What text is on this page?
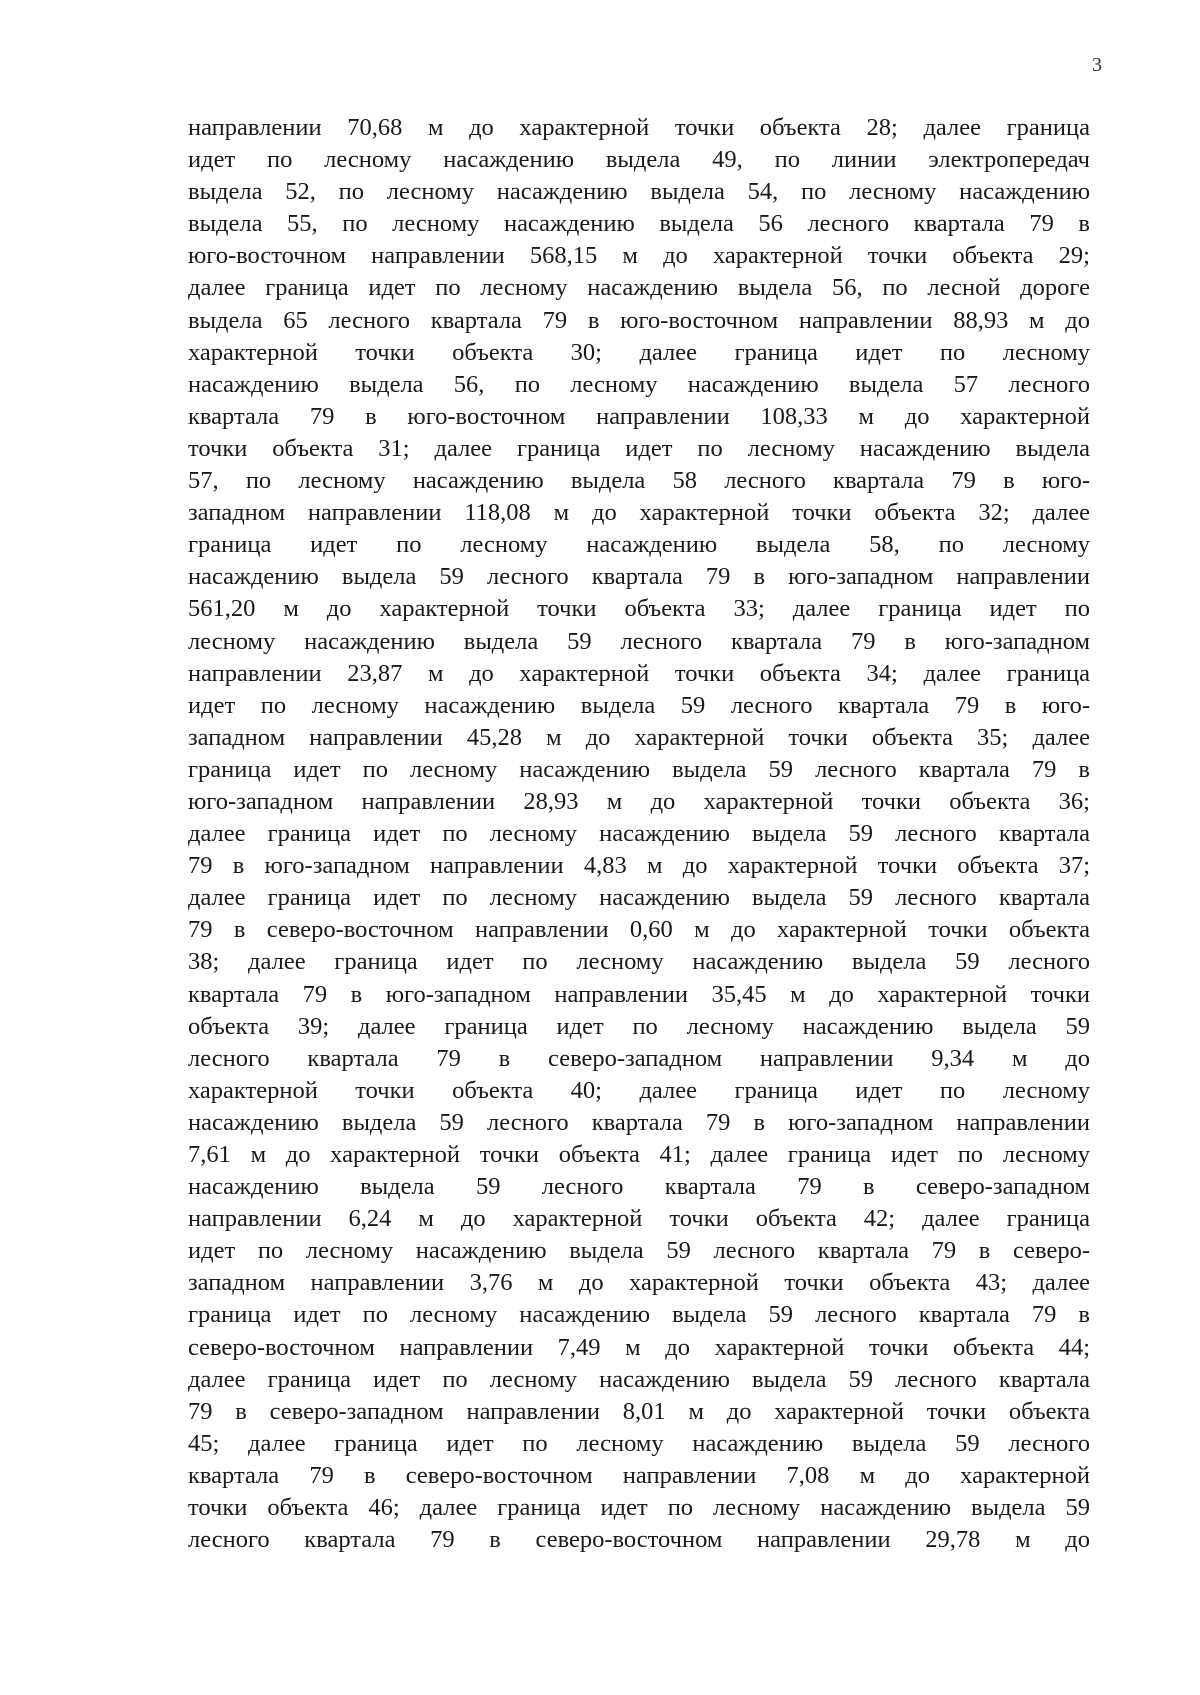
3
направлении 70,68 м до характерной точки объекта 28; далее граница
идет по лесному насаждению выдела 49, по линии электропередач
выдела 52, по лесному насаждению выдела 54, по лесному насаждению
выдела 55, по лесному насаждению выдела 56 лесного квартала 79 в
юго-восточном направлении 568,15 м до характерной точки объекта 29;
далее граница идет по лесному насаждению выдела 56, по лесной дороге
выдела 65 лесного квартала 79 в юго-восточном направлении 88,93 м до
характерной точки объекта 30; далее граница идет по лесному
насаждению выдела 56, по лесному насаждению выдела 57 лесного
квартала 79 в юго-восточном направлении 108,33 м до характерной
точки объекта 31; далее граница идет по лесному насаждению выдела
57, по лесному насаждению выдела 58 лесного квартала 79 в юго-
западном направлении 118,08 м до характерной точки объекта 32; далее
граница идет по лесному насаждению выдела 58, по лесному
насаждению выдела 59 лесного квартала 79 в юго-западном направлении
561,20 м до характерной точки объекта 33; далее граница идет по
лесному насаждению выдела 59 лесного квартала 79 в юго-западном
направлении 23,87 м до характерной точки объекта 34; далее граница
идет по лесному насаждению выдела 59 лесного квартала 79 в юго-
западном направлении 45,28 м до характерной точки объекта 35; далее
граница идет по лесному насаждению выдела 59 лесного квартала 79 в
юго-западном направлении 28,93 м до характерной точки объекта 36;
далее граница идет по лесному насаждению выдела 59 лесного квартала
79 в юго-западном направлении 4,83 м до характерной точки объекта 37;
далее граница идет по лесному насаждению выдела 59 лесного квартала
79 в северо-восточном направлении 0,60 м до характерной точки объекта
38; далее граница идет по лесному насаждению выдела 59 лесного
квартала 79 в юго-западном направлении 35,45 м до характерной точки
объекта 39; далее граница идет по лесному насаждению выдела 59
лесного квартала 79 в северо-западном направлении 9,34 м до
характерной точки объекта 40; далее граница идет по лесному
насаждению выдела 59 лесного квартала 79 в юго-западном направлении
7,61 м до характерной точки объекта 41; далее граница идет по лесному
насаждению выдела 59 лесного квартала 79 в северо-западном
направлении 6,24 м до характерной точки объекта 42; далее граница
идет по лесному насаждению выдела 59 лесного квартала 79 в северо-
западном направлении 3,76 м до характерной точки объекта 43; далее
граница идет по лесному насаждению выдела 59 лесного квартала 79 в
северо-восточном направлении 7,49 м до характерной точки объекта 44;
далее граница идет по лесному насаждению выдела 59 лесного квартала
79 в северо-западном направлении 8,01 м до характерной точки объекта
45; далее граница идет по лесному насаждению выдела 59 лесного
квартала 79 в северо-восточном направлении 7,08 м до характерной
точки объекта 46; далее граница идет по лесному насаждению выдела 59
лесного квартала 79 в северо-восточном направлении 29,78 м до
